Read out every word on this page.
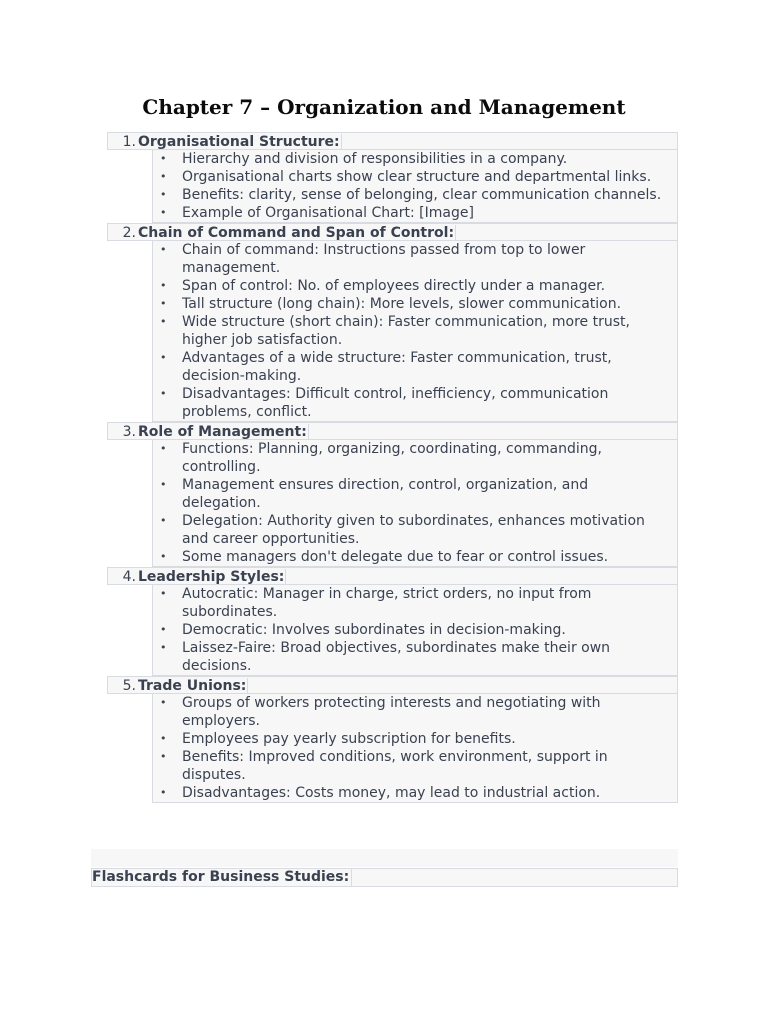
Chapter 7 – Organization and Management
1. Organisational Structure:
• Hierarchy and division of responsibilities in a company.
• Organisational charts show clear structure and departmental links.
• Benefits: clarity, sense of belonging, clear communication channels.
• Example of Organisational Chart: [Image]
2. Chain of Command and Span of Control:
• Chain of command: Instructions passed from top to lower management.
• Span of control: No. of employees directly under a manager.
• Tall structure (long chain): More levels, slower communication.
• Wide structure (short chain): Faster communication, more trust, higher job satisfaction.
• Advantages of a wide structure: Faster communication, trust, decision-making.
• Disadvantages: Difficult control, inefficiency, communication problems, conflict.
3. Role of Management:
• Functions: Planning, organizing, coordinating, commanding, controlling.
• Management ensures direction, control, organization, and delegation.
• Delegation: Authority given to subordinates, enhances motivation and career opportunities.
• Some managers don't delegate due to fear or control issues.
4. Leadership Styles:
• Autocratic: Manager in charge, strict orders, no input from subordinates.
• Democratic: Involves subordinates in decision-making.
• Laissez-Faire: Broad objectives, subordinates make their own decisions.
5. Trade Unions:
• Groups of workers protecting interests and negotiating with employers.
• Employees pay yearly subscription for benefits.
• Benefits: Improved conditions, work environment, support in disputes.
• Disadvantages: Costs money, may lead to industrial action.
Flashcards for Business Studies:
